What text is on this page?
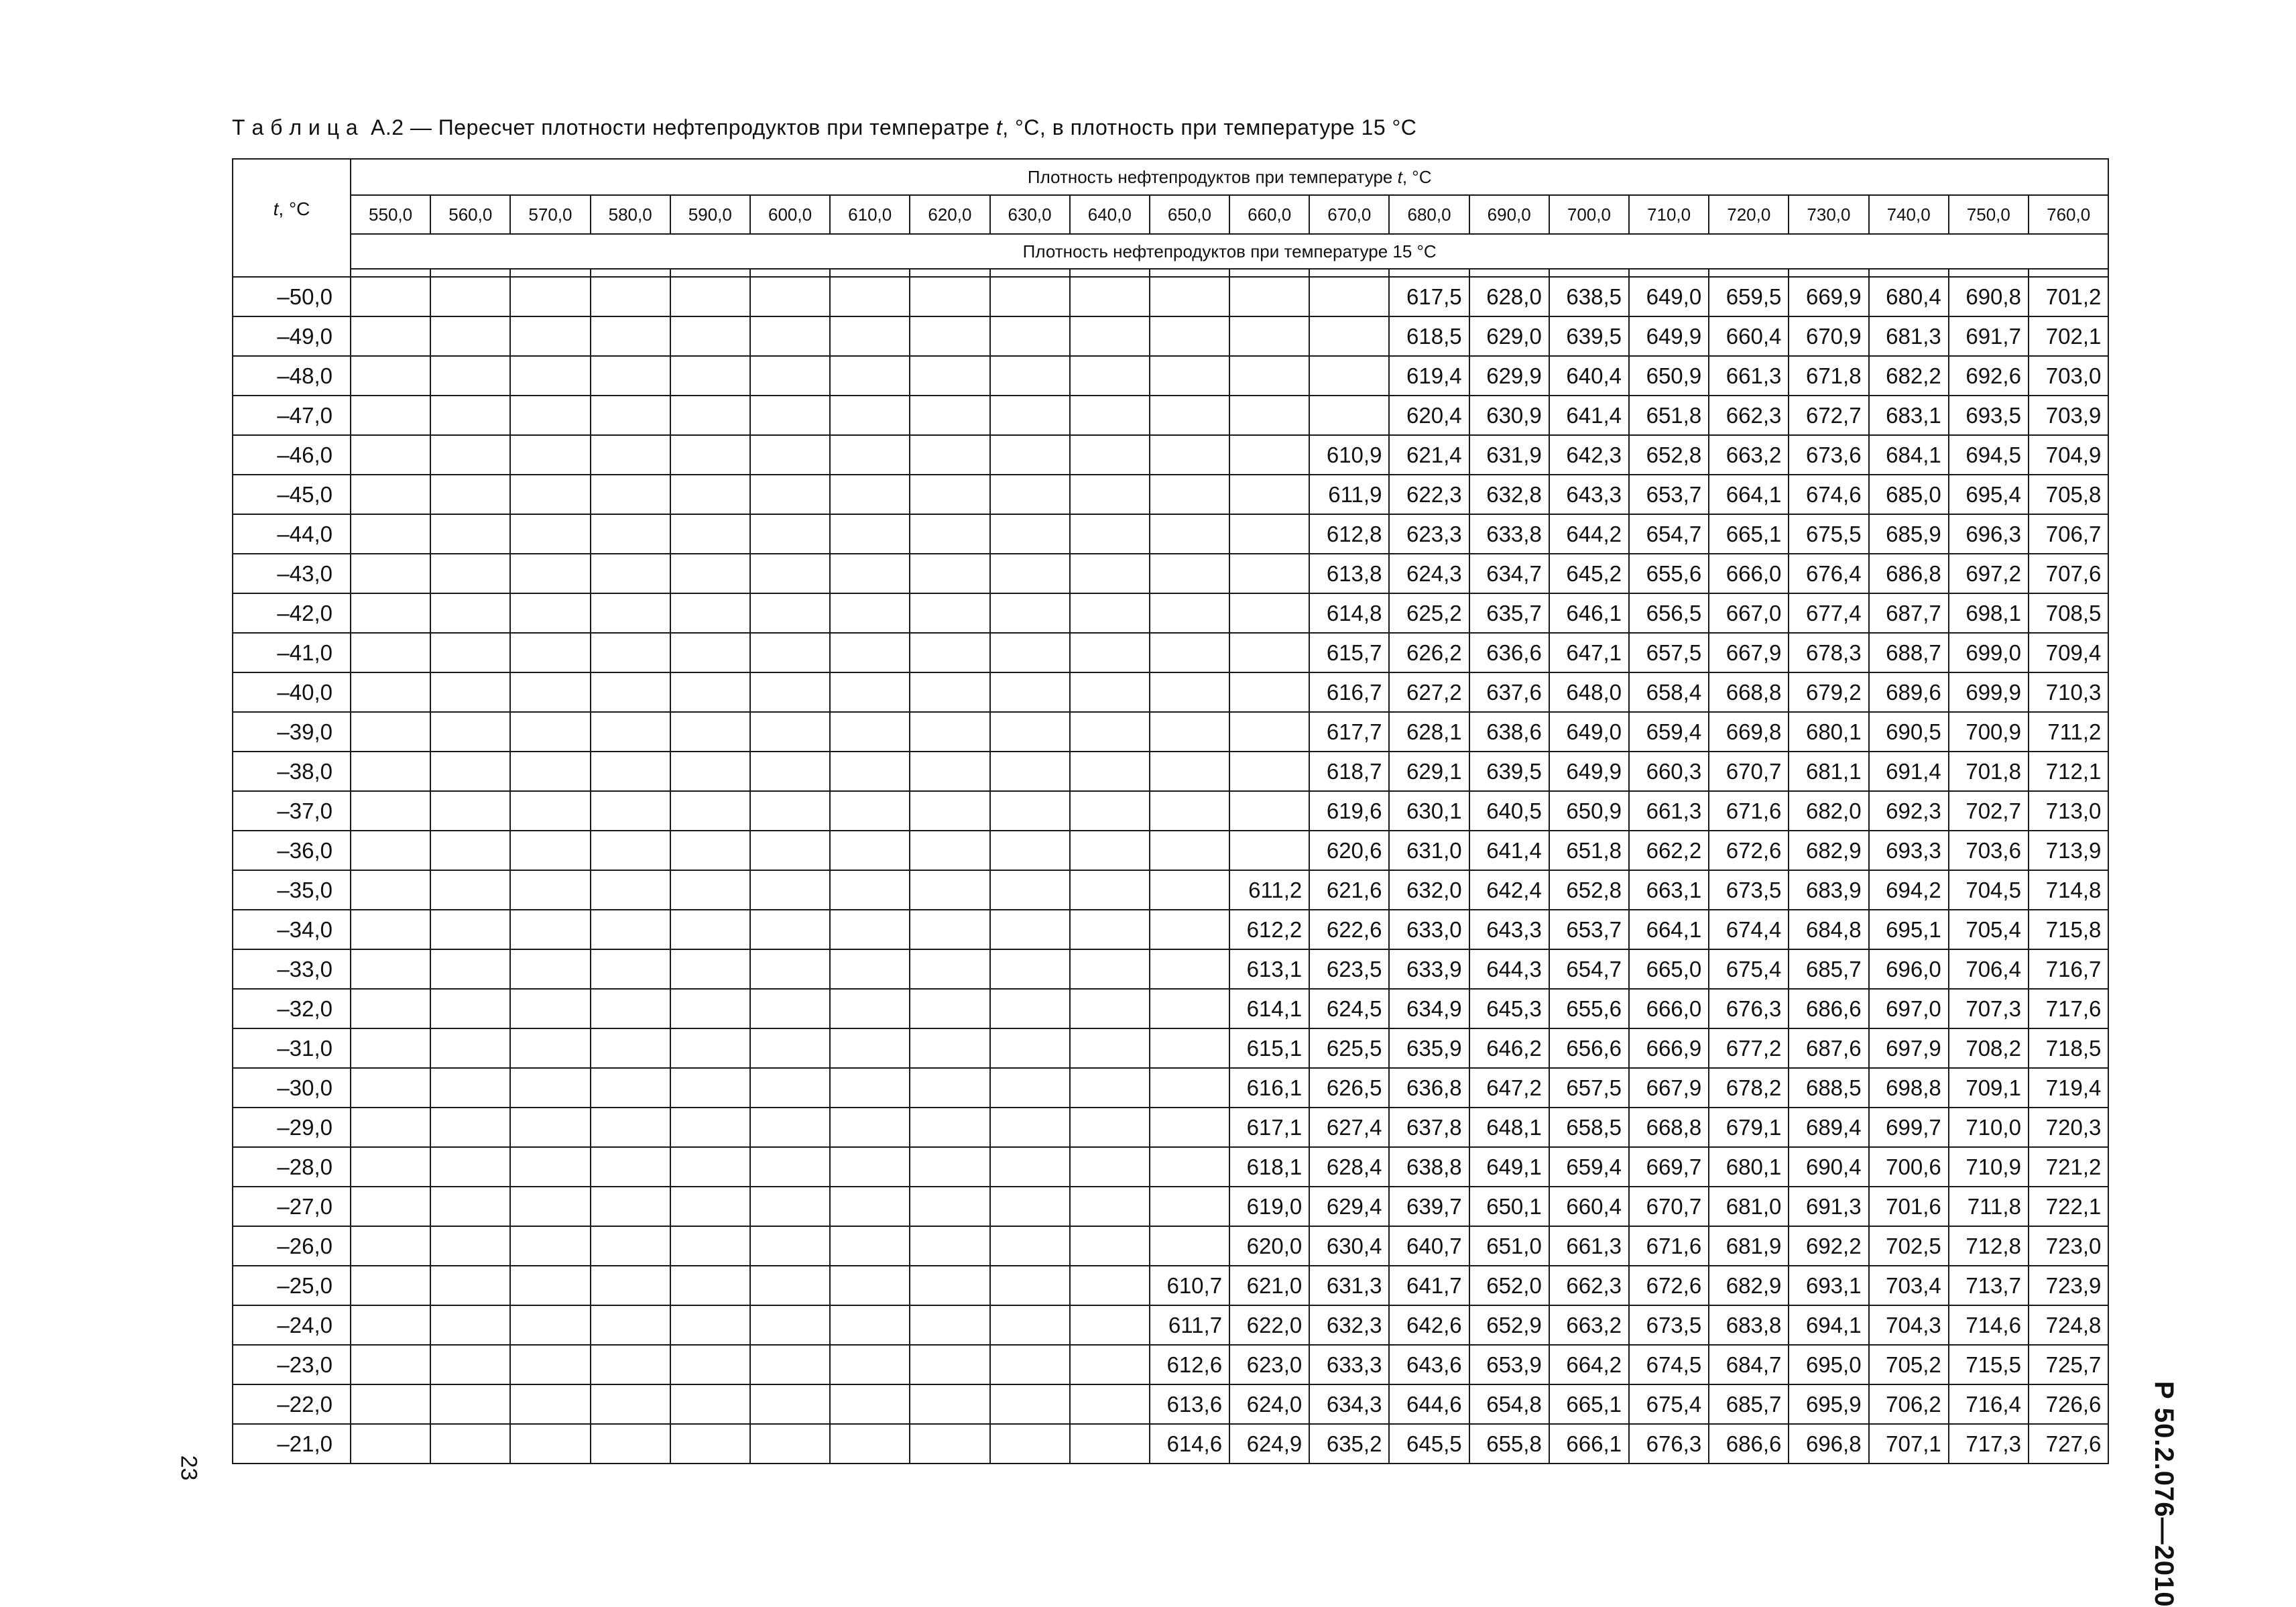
Т а б л и ц а А.2 — Пересчет плотности нефтепродуктов при температре t, °С, в плотность при температуре 15 °С
t, °С	Плотность нефтепродуктов при температуре t, °С																					
	550,0	560,0	570,0	580,0	590,0	600,0	610,0	620,0	630,0	640,0	650,0	660,0	670,0	680,0	690,0	700,0	710,0	720,0	730,0	740,0	750,0	760,0
	Плотность нефтепродуктов при температуре 15 °С																					

–50,0														617,5	628,0	638,5	649,0	659,5	669,9	680,4	690,8	701,2
–49,0														618,5	629,0	639,5	649,9	660,4	670,9	681,3	691,7	702,1
–48,0														619,4	629,9	640,4	650,9	661,3	671,8	682,2	692,6	703,0
–47,0														620,4	630,9	641,4	651,8	662,3	672,7	683,1	693,5	703,9
–46,0													610,9	621,4	631,9	642,3	652,8	663,2	673,6	684,1	694,5	704,9
–45,0													611,9	622,3	632,8	643,3	653,7	664,1	674,6	685,0	695,4	705,8
–44,0													612,8	623,3	633,8	644,2	654,7	665,1	675,5	685,9	696,3	706,7
–43,0													613,8	624,3	634,7	645,2	655,6	666,0	676,4	686,8	697,2	707,6
–42,0													614,8	625,2	635,7	646,1	656,5	667,0	677,4	687,7	698,1	708,5
–41,0													615,7	626,2	636,6	647,1	657,5	667,9	678,3	688,7	699,0	709,4
–40,0													616,7	627,2	637,6	648,0	658,4	668,8	679,2	689,6	699,9	710,3
–39,0													617,7	628,1	638,6	649,0	659,4	669,8	680,1	690,5	700,9	711,2
–38,0													618,7	629,1	639,5	649,9	660,3	670,7	681,1	691,4	701,8	712,1
–37,0													619,6	630,1	640,5	650,9	661,3	671,6	682,0	692,3	702,7	713,0
–36,0													620,6	631,0	641,4	651,8	662,2	672,6	682,9	693,3	703,6	713,9
–35,0												611,2	621,6	632,0	642,4	652,8	663,1	673,5	683,9	694,2	704,5	714,8
–34,0												612,2	622,6	633,0	643,3	653,7	664,1	674,4	684,8	695,1	705,4	715,8
–33,0												613,1	623,5	633,9	644,3	654,7	665,0	675,4	685,7	696,0	706,4	716,7
–32,0												614,1	624,5	634,9	645,3	655,6	666,0	676,3	686,6	697,0	707,3	717,6
–31,0												615,1	625,5	635,9	646,2	656,6	666,9	677,2	687,6	697,9	708,2	718,5
–30,0												616,1	626,5	636,8	647,2	657,5	667,9	678,2	688,5	698,8	709,1	719,4
–29,0												617,1	627,4	637,8	648,1	658,5	668,8	679,1	689,4	699,7	710,0	720,3
–28,0												618,1	628,4	638,8	649,1	659,4	669,7	680,1	690,4	700,6	710,9	721,2
–27,0												619,0	629,4	639,7	650,1	660,4	670,7	681,0	691,3	701,6	711,8	722,1
–26,0												620,0	630,4	640,7	651,0	661,3	671,6	681,9	692,2	702,5	712,8	723,0
–25,0											610,7	621,0	631,3	641,7	652,0	662,3	672,6	682,9	693,1	703,4	713,7	723,9
–24,0											611,7	622,0	632,3	642,6	652,9	663,2	673,5	683,8	694,1	704,3	714,6	724,8
–23,0											612,6	623,0	633,3	643,6	653,9	664,2	674,5	684,7	695,0	705,2	715,5	725,7
–22,0											613,6	624,0	634,3	644,6	654,8	665,1	675,4	685,7	695,9	706,2	716,4	726,6
–21,0											614,6	624,9	635,2	645,5	655,8	666,1	676,3	686,6	696,8	707,1	717,3	727,6
23	Р 50.2.076—2010
